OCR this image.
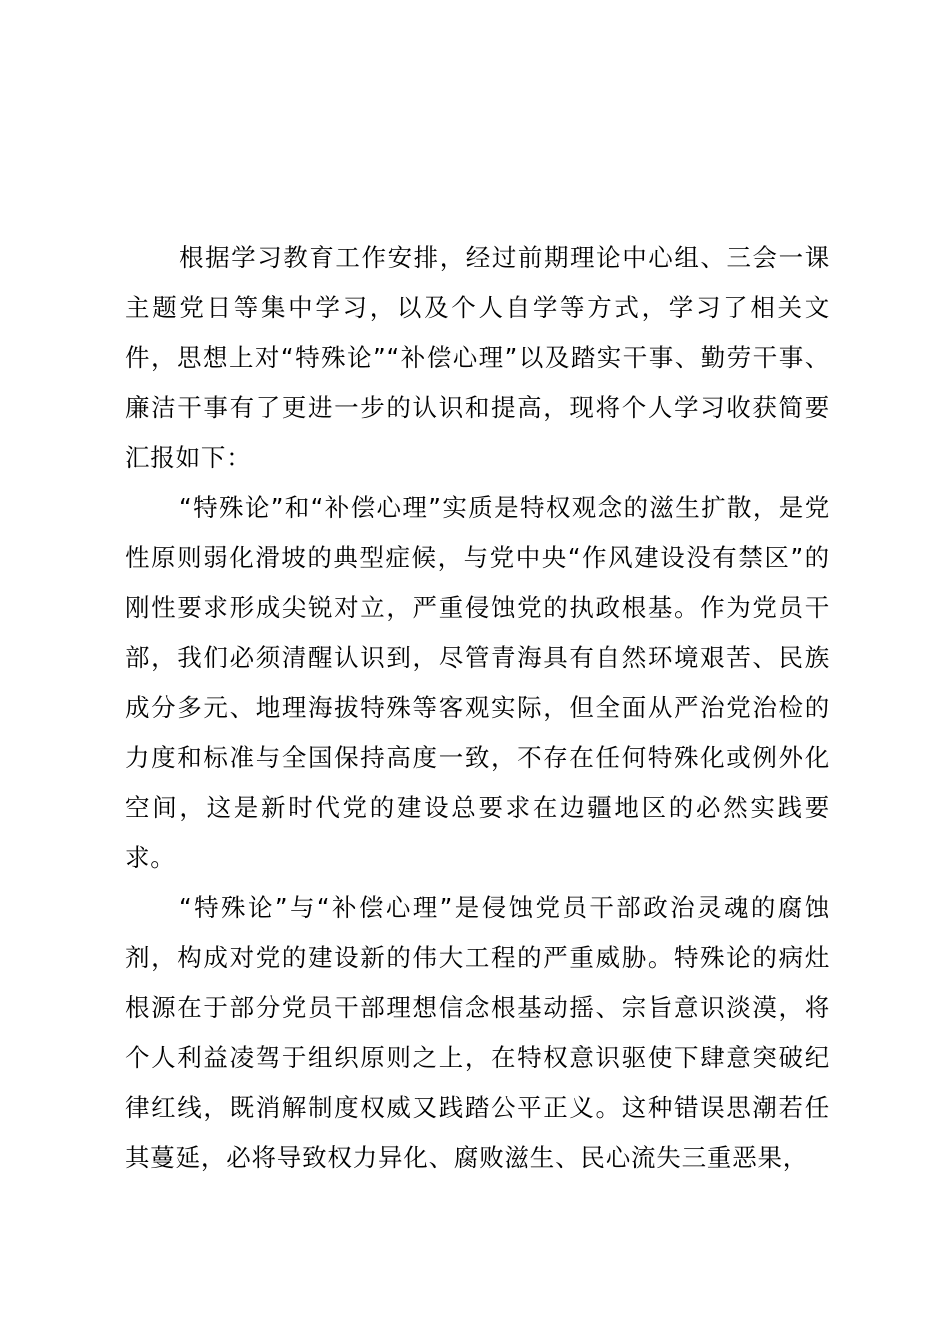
根据学习教育工作安排，经过前期理论中心组、三会一课主题党日等集中学习，以及个人自学等方式，学习了相关文件，思想上对“特殊论”“补偿心理”以及踏实干事、勤劳干事、廉洁干事有了更进一步的认识和提高，现将个人学习收获简要汇报如下：

“特殊论”和“补偿心理”实质是特权观念的滋生扩散，是党性原则弱化滑坡的典型症候，与党中央“作风建设没有禁区”的刚性要求形成尖锐对立，严重侵蚀党的执政根基。作为党员干部，我们必须清醒认识到，尽管青海具有自然环境艰苦、民族成分多元、地理海拔特殊等客观实际，但全面从严治党治检的力度和标准与全国保持高度一致，不存在任何特殊化或例外化空间，这是新时代党的建设总要求在边疆地区的必然实践要求。

“特殊论”与“补偿心理”是侵蚀党员干部政治灵魂的腐蚀剂，构成对党的建设新的伟大工程的严重威胁。特殊论的病灶根源在于部分党员干部理想信念根基动摇、宗旨意识淡漠，将个人利益凌驾于组织原则之上，在特权意识驱使下肆意突破纪律红线，既消解制度权威又践踏公平正义。这种错误思潮若任其蔓延，必将导致权力异化、腐败滋生、民心流失三重恶果，
